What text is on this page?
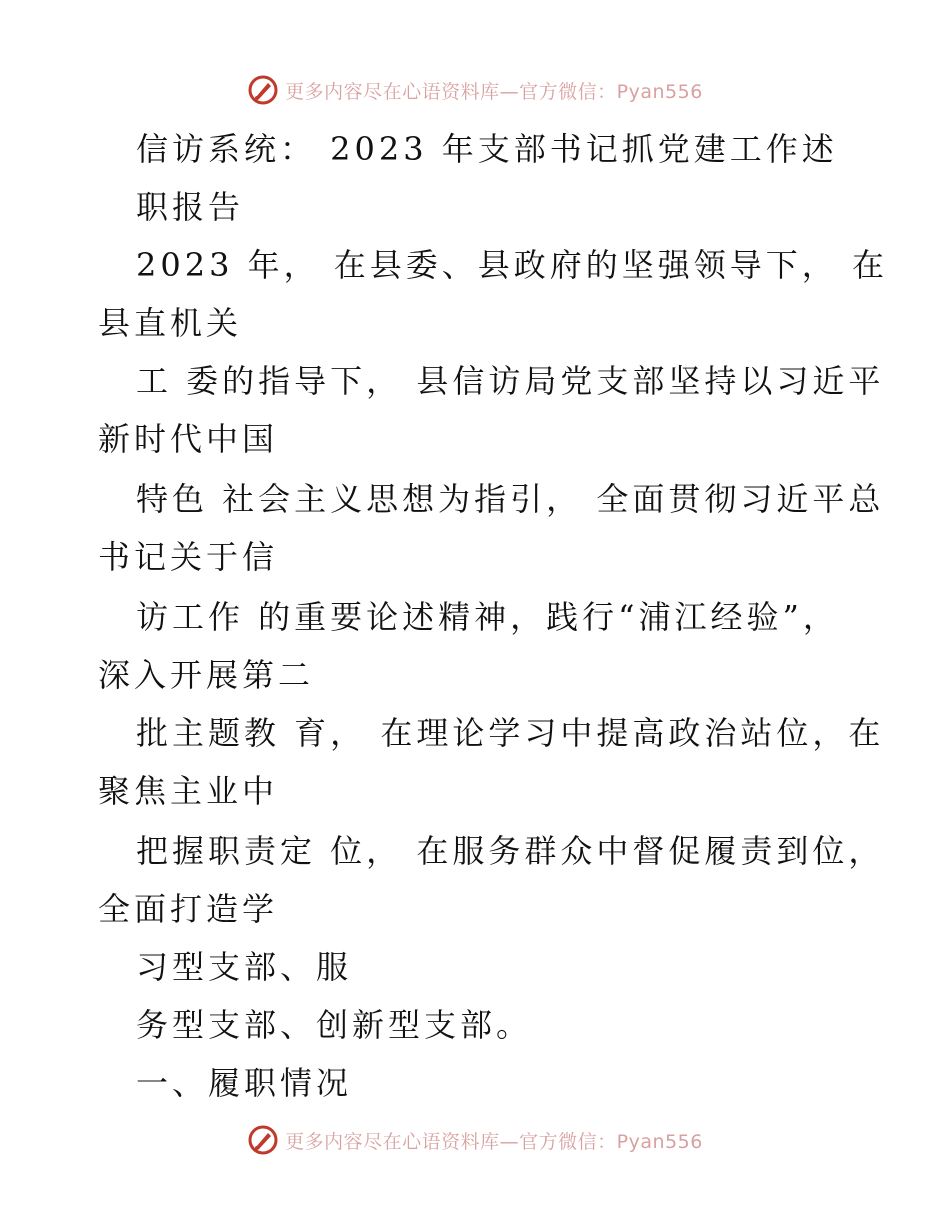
更多内容尽在心语资料库—官方微信：Pyan556
信访系统： 2023 年支部书记抓党建工作述
职报告
2023 年， 在县委、县政府的坚强领导下， 在
县直机关
工 委的指导下， 县信访局党支部坚持以习近平
新时代中国
特色 社会主义思想为指引， 全面贯彻习近平总
书记关于信
访工作 的重要论述精神，践行“浦江经验”，
深入开展第二
批主题教 育， 在理论学习中提高政治站位，在
聚焦主业中
把握职责定 位， 在服务群众中督促履责到位，
全面打造学
习型支部、服
务型支部、创新型支部。
一、履职情况
更多内容尽在心语资料库—官方微信：Pyan556
